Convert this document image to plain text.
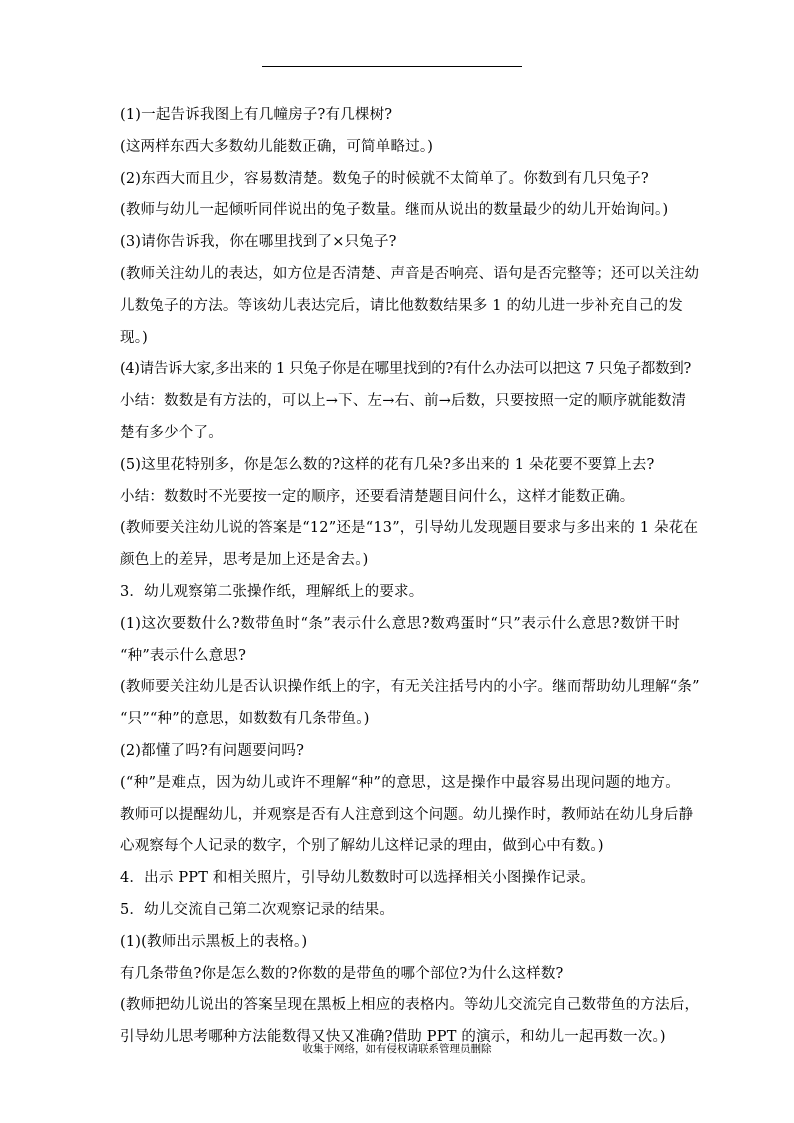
(1)一起告诉我图上有几幢房子?有几棵树?
(这两样东西大多数幼儿能数正确，可简单略过。)
(2)东西大而且少，容易数清楚。数兔子的时候就不太简单了。你数到有几只兔子?
(教师与幼儿一起倾听同伴说出的兔子数量。继而从说出的数量最少的幼儿开始询问。)
(3)请你告诉我，你在哪里找到了×只兔子?
(教师关注幼儿的表达，如方位是否清楚、声音是否响亮、语句是否完整等；还可以关注幼
儿数兔子的方法。等该幼儿表达完后，请比他数数结果多 1 的幼儿进一步补充自己的发
现。)
(4)请告诉大家,多出来的 1 只兔子你是在哪里找到的?有什么办法可以把这 7 只兔子都数到?
小结：数数是有方法的，可以上→下、左→右、前→后数，只要按照一定的顺序就能数清
楚有多少个了。
(5)这里花特别多，你是怎么数的?这样的花有几朵?多出来的 1 朵花要不要算上去?
小结：数数时不光要按一定的顺序，还要看清楚题目问什么，这样才能数正确。
(教师要关注幼儿说的答案是“12”还是“13”，引导幼儿发现题目要求与多出来的 1 朵花在
颜色上的差异，思考是加上还是舍去。)
3．幼儿观察第二张操作纸，理解纸上的要求。
(1)这次要数什么?数带鱼时“条”表示什么意思?数鸡蛋时“只”表示什么意思?数饼干时
“种”表示什么意思?
(教师要关注幼儿是否认识操作纸上的字，有无关注括号内的小字。继而帮助幼儿理解“条”
“只”“种”的意思，如数数有几条带鱼。)
(2)都懂了吗?有问题要问吗?
(“种”是难点，因为幼儿或许不理解“种”的意思，这是操作中最容易出现问题的地方。
教师可以提醒幼儿，并观察是否有人注意到这个问题。幼儿操作时，教师站在幼儿身后静
心观察每个人记录的数字，个别了解幼儿这样记录的理由，做到心中有数。)
4．出示 PPT 和相关照片，引导幼儿数数时可以选择相关小图操作记录。
5．幼儿交流自己第二次观察记录的结果。
(1)(教师出示黑板上的表格。)
有几条带鱼?你是怎么数的?你数的是带鱼的哪个部位?为什么这样数?
(教师把幼儿说出的答案呈现在黑板上相应的表格内。等幼儿交流完自己数带鱼的方法后，
引导幼儿思考哪种方法能数得又快又准确?借助 PPT 的演示，和幼儿一起再数一次。)
收集于网络，如有侵权请联系管理员删除
